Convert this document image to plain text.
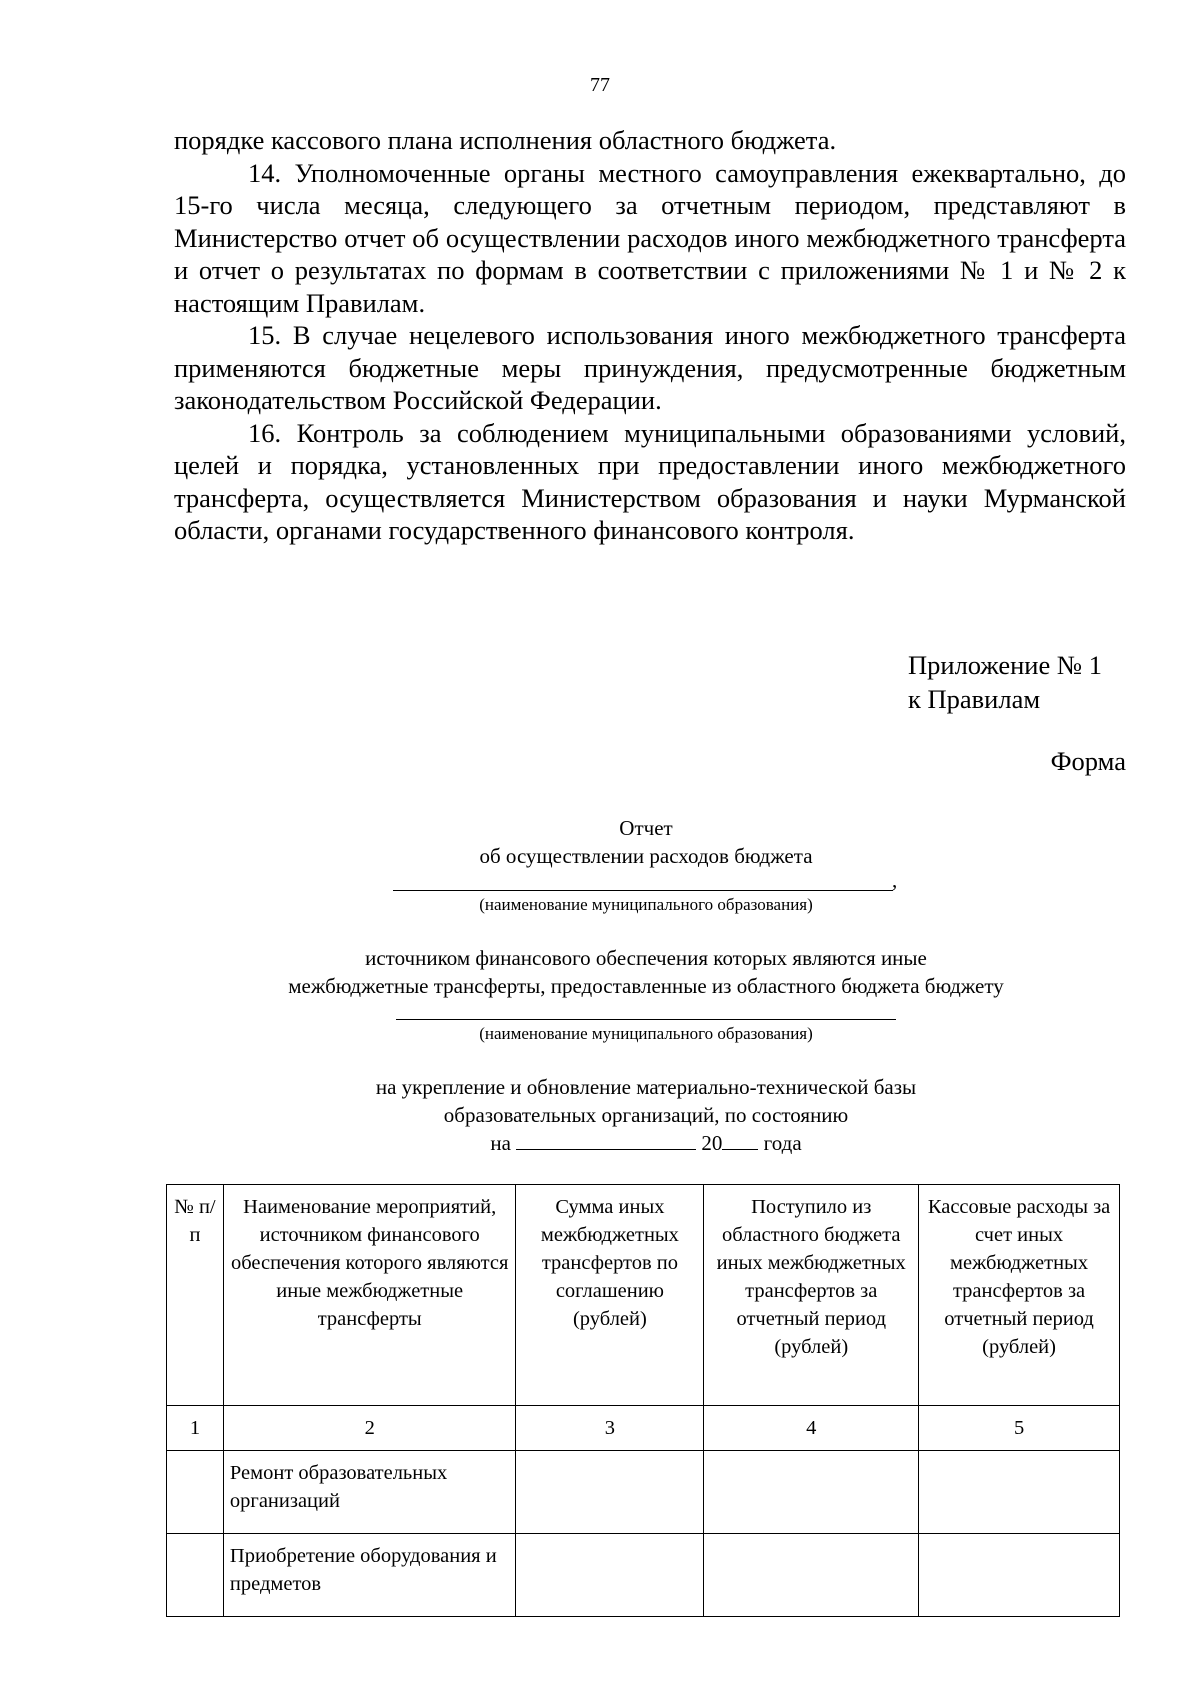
77

порядке кассового плана исполнения областного бюджета.

14. Уполномоченные органы местного самоуправления ежеквартально, до 15-го числа месяца, следующего за отчетным периодом, представляют в Министерство отчет об осуществлении расходов иного межбюджетного трансферта и отчет о результатах по формам в соответствии с приложениями № 1 и № 2 к настоящим Правилам.

15. В случае нецелевого использования иного межбюджетного трансферта применяются бюджетные меры принуждения, предусмотренные бюджетным законодательством Российской Федерации.

16. Контроль за соблюдением муниципальными образованиями условий, целей и порядка, установленных при предоставлении иного межбюджетного трансферта, осуществляется Министерством образования и науки Мурманской области, органами государственного финансового контроля.

Приложение № 1
к Правилам
Форма
Отчет
об осуществлении расходов бюджета
,
(наименование муниципального образования)
источником финансового обеспечения которых являются иные
межбюджетные трансферты, предоставленные из областного бюджета бюджету
(наименование муниципального образования)
на укрепление и обновление материально-технической базы
образовательных организаций, по состоянию
на	20 года
№ п/п	Наименование мероприятий, источником финансового обеспечения которого являются иные межбюджетные трансферты	Сумма иных межбюджетных трансфертов по соглашению (рублей)	Поступило из областного бюджета иных межбюджетных трансфертов за отчетный период (рублей)	Кассовые расходы за счет иных межбюджетных трансфертов за отчетный период (рублей)
1	2	3	4	5
	Ремонт образовательных организаций			
	Приобретение оборудования и предметов			
